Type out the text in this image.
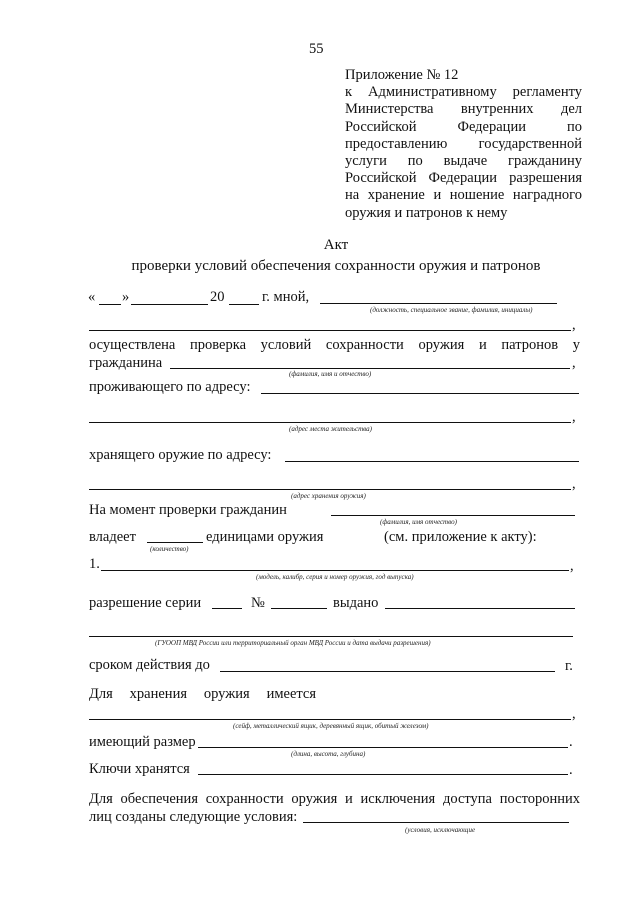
55
Приложение № 12
к Административному регламенту
Министерства внутренних дел
Российской Федерации по
предоставлению государственной
услуги по выдаче гражданину
Российской Федерации разрешения
на хранение и ношение наградного
оружия и патронов к нему
Акт
проверки условий обеспечения сохранности оружия и патронов
« »	20	г. мной,
(должность, специальное звание, фамилия, инициалы)
,
осуществлена проверка условий сохранности оружия и патронов у
гражданина	,
(фамилия, имя и отчество)
проживающего по адресу:
,
(адрес места жительства)
хранящего оружие по адресу:
,
(адрес хранения оружия)
На момент проверки гражданин
(фамилия, имя отчество)
владеет	единицами оружия	(см. приложение к акту):
(количество)
1.	,
(модель, калибр, серия и номер оружия, год выпуска)
разрешение серии	№	выдано
(ГУООП МВД России или территориальный орган МВД России и дата выдачи разрешения)
сроком действия до	г.
Для хранения оружия имеется
,
(сейф, металлический ящик, деревянный ящик, обитый железом)
имеющий размер	.
(длина, высота, глубина)
Ключи хранятся	.
Для обеспечения сохранности оружия и исключения доступа посторонних
лиц созданы следующие условия:
(условия, исключающие
